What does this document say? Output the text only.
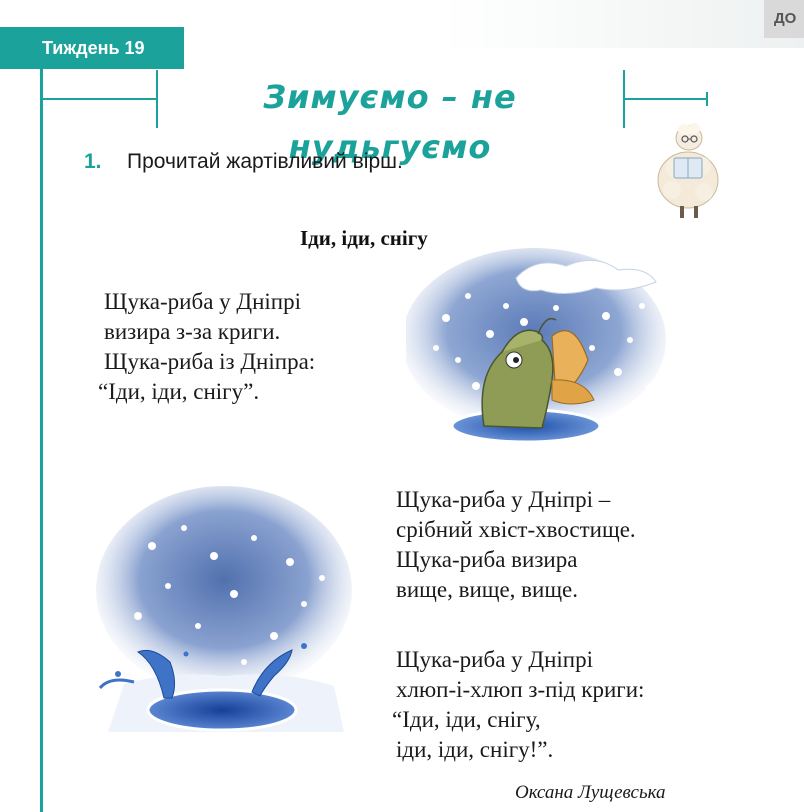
ДО
Тиждень 19
Зимуємо – не нудьгуємо
1. Прочитай жартівливий вірш.
Іди, іди, снігу
Щука-риба у Дніпрі
визира з-за криги.
Щука-риба із Дніпра:
“Іди, іди, снігу”.
Щука-риба у Дніпрі –
срібний хвіст-хвостище.
Щука-риба визира
вище, вище, вище.
Щука-риба у Дніпрі
хлюп-і-хлюп з-під криги:
“Іди, іди, снігу,
іди, іди, снігу!”.
Оксана Лущевська
